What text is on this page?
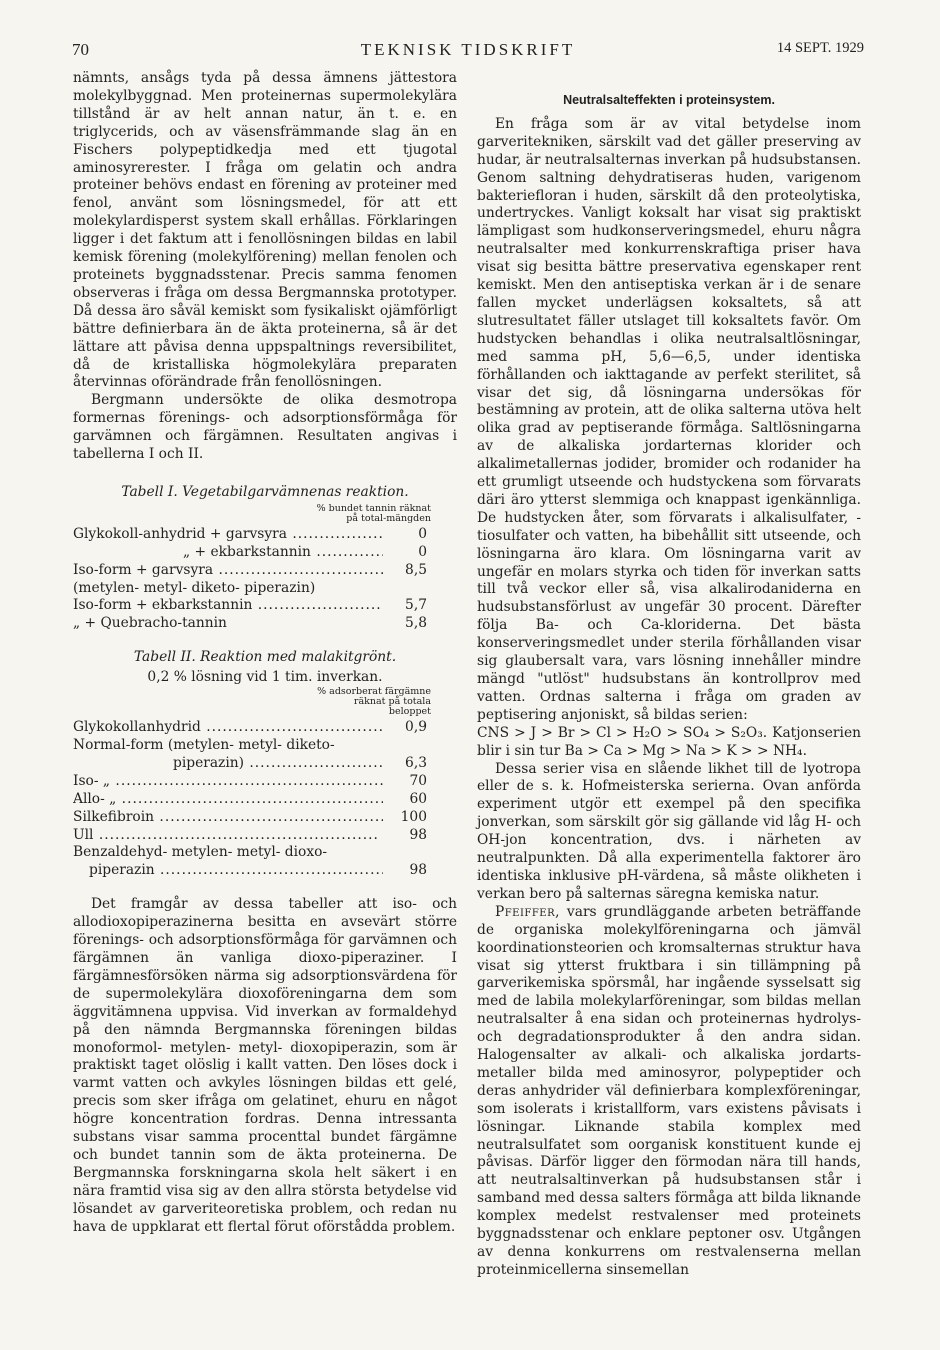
70	TEKNISK TIDSKRIFT	14 SEPT. 1929

nämnts, ansågs tyda på dessa ämnens jättestora molekylbyggnad. Men proteinernas supermolekylära tillstånd är av helt annan natur, än t. e. en triglycerids, och av väsensfrämmande slag än en Fischers polypeptidkedja med ett tjugotal aminosyrerester. I fråga om gelatin och andra proteiner behövs endast en förening av proteiner med fenol, använt som lösningsmedel, för att ett molekylardisperst system skall erhållas. Förklaringen ligger i det faktum att i fenollösningen bildas en labil kemisk förening (molekylförening) mellan fenolen och proteinets byggnadsstenar. Precis samma fenomen observeras i fråga om dessa Bergmannska prototyper. Då dessa äro såväl kemiskt som fysikaliskt ojämförligt bättre definierbara än de äkta proteinerna, så är det lättare att påvisa denna uppspaltnings reversibilitet, då de kristalliska högmolekylära preparaten återvinnas oförändrade från fenollösningen.

Bergmann undersökte de olika desmotropa formernas förenings- och adsorptionsförmåga för garvämnen och färgämnen. Resultaten angivas i tabellerna I och II.

Tabell I. Vegetabilgarvämnenas reaktion.
% bundet tannin räknat på total-mängden
Glykokoll-anhydrid + garvsyra .....	0
„ + ekbarkstannin .....	0
Iso-form + garvsyra .....	8,5
(metylen- metyl- diketo- piperazin)
Iso-form + ekbarkstannin .....	5,7
„ + Quebracho-tannin	5,8
Tabell II. Reaktion med malakitgrönt.
0,2 % lösning vid 1 tim. inverkan.
% adsorberat färgämne räknat på totala beloppet
Glykokollanhydrid .....	0,9
Normal-form (metylen- metyl- diketo-
piperazin) .....	6,3
Iso- „ .....	70
Allo- „ .....	60
Silkefibroin .....	100
Ull .....	98
Benzaldehyd- metylen- metyl- dioxo-
piperazin .....	98

Det framgår av dessa tabeller att iso- och allodioxopiperazinerna besitta en avsevärt större förenings- och adsorptionsförmåga för garvämnen och färgämnen än vanliga dioxo-piperaziner. I färgämnesförsöken närma sig adsorptionsvärdena för de supermolekylära dioxoföreningarna dem som äggvitämnena uppvisa. Vid inverkan av formaldehyd på den nämnda Bergmannska föreningen bildas monoformol- metylen- metyl- dioxopiperazin, som är praktiskt taget olöslig i kallt vatten. Den löses dock i varmt vatten och avkyles lösningen bildas ett gelé, precis som sker ifråga om gelatinet, ehuru en något högre koncentration fordras. Denna intressanta substans visar samma procenttal bundet färgämne och bundet tannin som de äkta proteinerna. De Bergmannska forskningarna skola helt säkert i en nära framtid visa sig av den allra största betydelse vid lösandet av garveriteoretiska problem, och redan nu hava de uppklarat ett flertal förut oförstådda problem.

Neutralsalteffekten i proteinsystem.

En fråga som är av vital betydelse inom garveritekniken, särskilt vad det gäller preserving av hudar, är neutralsalternas inverkan på hudsubstansen. Genom saltning dehydratiseras huden, varigenom bakteriefloran i huden, särskilt då den proteolytiska, undertryckes. Vanligt koksalt har visat sig praktiskt lämpligast som hudkonserveringsmedel, ehuru några neutralsalter med konkurrenskraftiga priser hava visat sig besitta bättre preservativa egenskaper rent kemiskt. Men den antiseptiska verkan är i de senare fallen mycket underlägsen koksaltets, så att slutresultatet fäller utslaget till koksaltets favör. Om hudstycken behandlas i olika neutralsaltlösningar, med samma pH, 5,6—6,5, under identiska förhållanden och iakttagande av perfekt sterilitet, så visar det sig, då lösningarna undersökas för bestämning av protein, att de olika salterna utöva helt olika grad av peptiserande förmåga. Saltlösningarna av de alkaliska jordarternas klorider och alkalimetallernas jodider, bromider och rodanider ha ett grumligt utseende och hudstyckena som förvarats däri äro ytterst slemmiga och knappast igenkännliga. De hudstycken åter, som förvarats i alkalisulfater, -tiosulfater och vatten, ha bibehållit sitt utseende, och lösningarna äro klara. Om lösningarna varit av ungefär en molars styrka och tiden för inverkan satts till två veckor eller så, visa alkalirodaniderna en hudsubstansförlust av ungefär 30 procent. Därefter följa Ba- och Ca-kloriderna. Det bästa konserveringsmedlet under sterila förhållanden visar sig glaubersalt vara, vars lösning innehåller mindre mängd "utlöst" hudsubstans än kontrollprov med vatten. Ordnas salterna i fråga om graden av peptisering anjoniskt, så bildas serien:

CNS > J > Br > Cl > H₂O > SO₄ > S₂O₃. Katjonserien blir i sin tur Ba > Ca > Mg > Na > K > > NH₄.

Dessa serier visa en slående likhet till de lyotropa eller de s. k. Hofmeisterska serierna. Ovan anförda experiment utgör ett exempel på den specifika jonverkan, som särskilt gör sig gällande vid låg H- och OH-jon koncentration, dvs. i närheten av neutralpunkten. Då alla experimentella faktorer äro identiska inklusive pH-värdena, så måste olikheten i verkan bero på salternas säregna kemiska natur.

Pfeiffer, vars grundläggande arbeten beträffande de organiska molekylföreningarna och jämväl koordinationsteorien och kromsalternas struktur hava visat sig ytterst fruktbara i sin tillämpning på garverikemiska spörsmål, har ingående sysselsatt sig med de labila molekylarföreningar, som bildas mellan neutralsalter å ena sidan och proteinernas hydrolys- och degradationsprodukter å den andra sidan. Halogensalter av alkali- och alkaliska jordarts-metaller bilda med aminosyror, polypeptider och deras anhydrider väl definierbara komplexföreningar, som isolerats i kristallform, vars existens påvisats i lösningar. Liknande stabila komplex med neutralsulfatet som oorganisk konstituent kunde ej påvisas. Därför ligger den förmodan nära till hands, att neutralsaltinverkan på hudsubstansen står i samband med dessa salters förmåga att bilda liknande komplex medelst restvalenser med proteinets byggnadsstenar och enklare peptoner osv. Utgången av denna konkurrens om restvalenserna mellan proteinmicellerna sinsemellan
